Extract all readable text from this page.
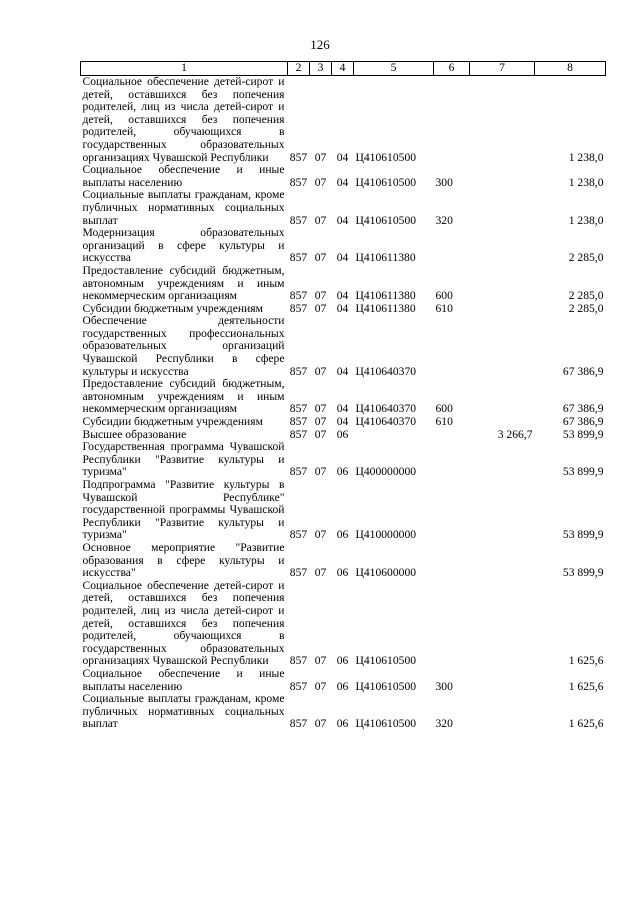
126
1	2	3	4	5	6	7	8
Социальное обеспечение детей-сирот и детей, оставшихся без попечения родителей, лиц из числа детей-сирот и детей, оставшихся без попечения родителей, обучающихся в государственных образовательных организациях Чувашской Республики	857	07	04	Ц410610500			1 238,0
Социальное обеспечение и иные выплаты населению	857	07	04	Ц410610500	300		1 238,0
Социальные выплаты гражданам, кроме публичных нормативных социальных выплат	857	07	04	Ц410610500	320		1 238,0
Модернизация образовательных организаций в сфере культуры и искусства	857	07	04	Ц410611380			2 285,0
Предоставление субсидий бюджетным, автономным учреждениям и иным некоммерческим организациям	857	07	04	Ц410611380	600		2 285,0
Субсидии бюджетным учреждениям	857	07	04	Ц410611380	610		2 285,0
Обеспечение деятельности государственных профессиональных образовательных организаций Чувашской Республики в сфере культуры и искусства	857	07	04	Ц410640370			67 386,9
Предоставление субсидий бюджетным, автономным учреждениям и иным некоммерческим организациям	857	07	04	Ц410640370	600		67 386,9
Субсидии бюджетным учреждениям	857	07	04	Ц410640370	610		67 386,9
Высшее образование	857	07	06			3 266,7	53 899,9
Государственная программа Чувашской Республики "Развитие культуры и туризма"	857	07	06	Ц400000000			53 899,9
Подпрограмма "Развитие культуры в Чувашской Республике" государственной программы Чувашской Республики "Развитие культуры и туризма"	857	07	06	Ц410000000			53 899,9
Основное мероприятие "Развитие образования в сфере культуры и искусства"	857	07	06	Ц410600000			53 899,9
Социальное обеспечение детей-сирот и детей, оставшихся без попечения родителей, лиц из числа детей-сирот и детей, оставшихся без попечения родителей, обучающихся в государственных образовательных организациях Чувашской Республики	857	07	06	Ц410610500			1 625,6
Социальное обеспечение и иные выплаты населению	857	07	06	Ц410610500	300		1 625,6
Социальные выплаты гражданам, кроме публичных нормативных социальных выплат	857	07	06	Ц410610500	320		1 625,6
